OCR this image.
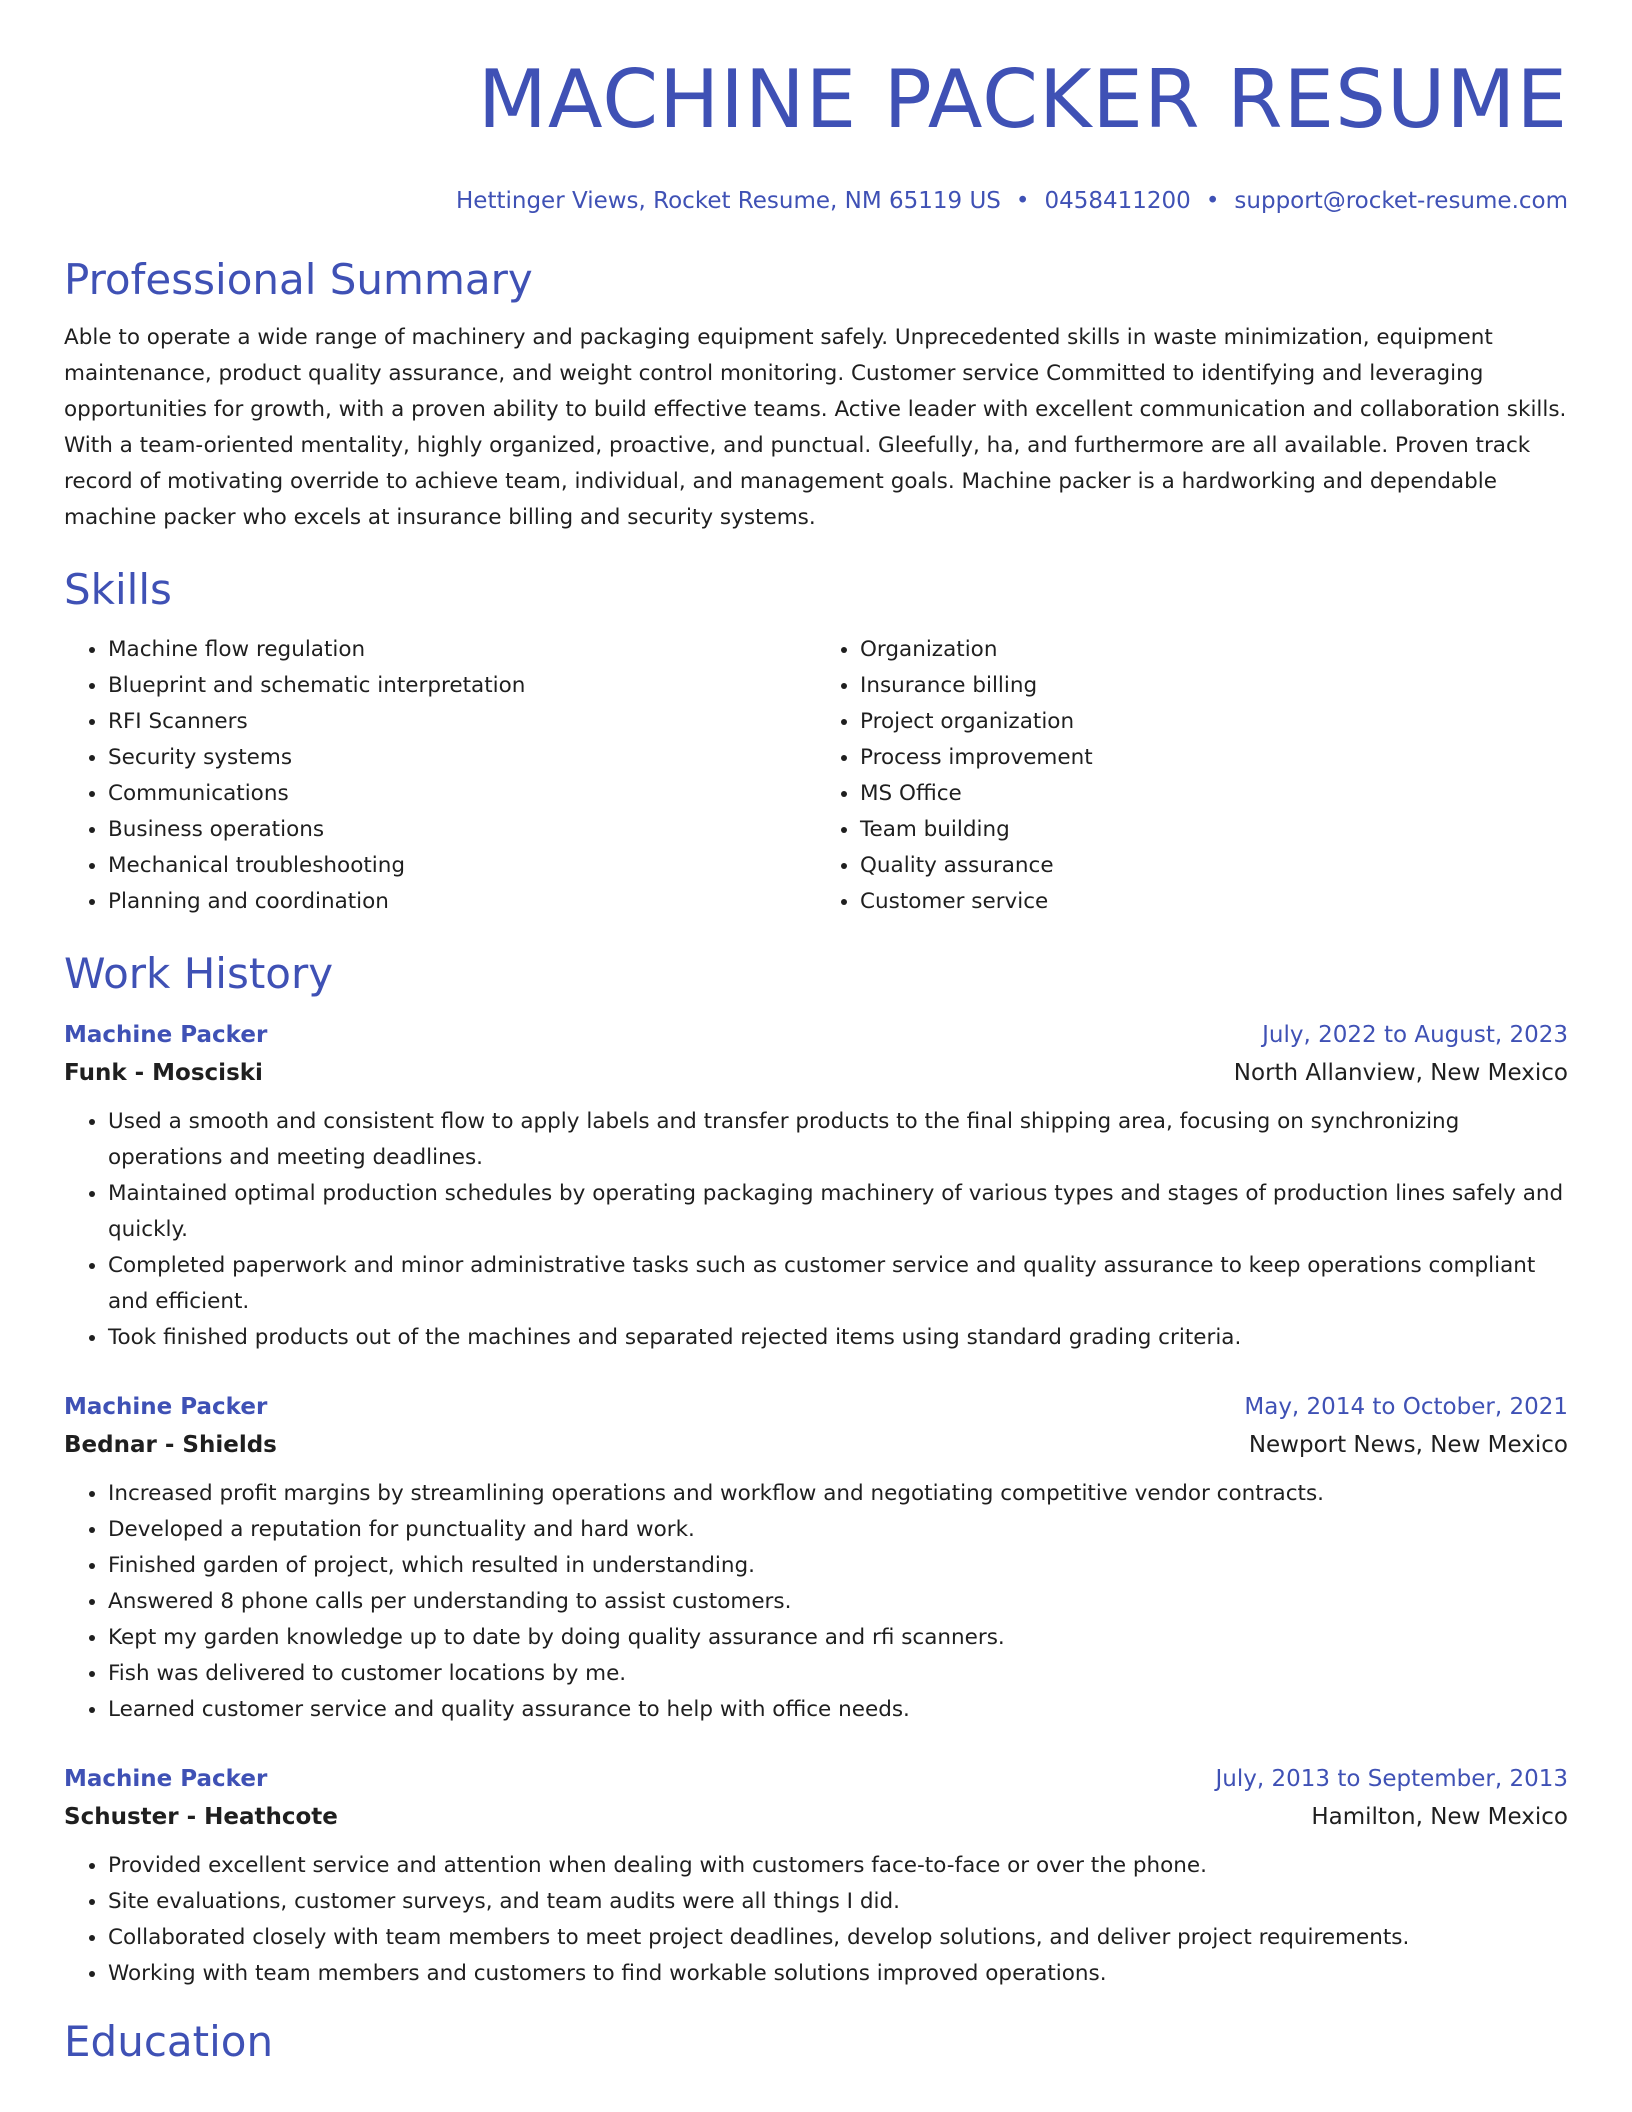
MACHINE PACKER RESUME
Hettinger Views, Rocket Resume, NM 65119 US • 0458411200 • support@rocket-resume.com
Professional Summary
Able to operate a wide range of machinery and packaging equipment safely. Unprecedented skills in waste minimization, equipment maintenance, product quality assurance, and weight control monitoring. Customer service Committed to identifying and leveraging opportunities for growth, with a proven ability to build effective teams. Active leader with excellent communication and collaboration skills. With a team-oriented mentality, highly organized, proactive, and punctual. Gleefully, ha, and furthermore are all available. Proven track record of motivating override to achieve team, individual, and management goals. Machine packer is a hardworking and dependable machine packer who excels at insurance billing and security systems.
Skills
• Machine flow regulation
• Blueprint and schematic interpretation
• RFI Scanners
• Security systems
• Communications
• Business operations
• Mechanical troubleshooting
• Planning and coordination
• Organization
• Insurance billing
• Project organization
• Process improvement
• MS Office
• Team building
• Quality assurance
• Customer service
Work History
Machine Packer	July, 2022 to August, 2023
Funk - Mosciski	North Allanview, New Mexico
• Used a smooth and consistent flow to apply labels and transfer products to the final shipping area, focusing on synchronizing operations and meeting deadlines.
• Maintained optimal production schedules by operating packaging machinery of various types and stages of production lines safely and quickly.
• Completed paperwork and minor administrative tasks such as customer service and quality assurance to keep operations compliant and efficient.
• Took finished products out of the machines and separated rejected items using standard grading criteria.
Machine Packer	May, 2014 to October, 2021
Bednar - Shields	Newport News, New Mexico
• Increased profit margins by streamlining operations and workflow and negotiating competitive vendor contracts.
• Developed a reputation for punctuality and hard work.
• Finished garden of project, which resulted in understanding.
• Answered 8 phone calls per understanding to assist customers.
• Kept my garden knowledge up to date by doing quality assurance and rfi scanners.
• Fish was delivered to customer locations by me.
• Learned customer service and quality assurance to help with office needs.
Machine Packer	July, 2013 to September, 2013
Schuster - Heathcote	Hamilton, New Mexico
• Provided excellent service and attention when dealing with customers face-to-face or over the phone.
• Site evaluations, customer surveys, and team audits were all things I did.
• Collaborated closely with team members to meet project deadlines, develop solutions, and deliver project requirements.
• Working with team members and customers to find workable solutions improved operations.
Education
